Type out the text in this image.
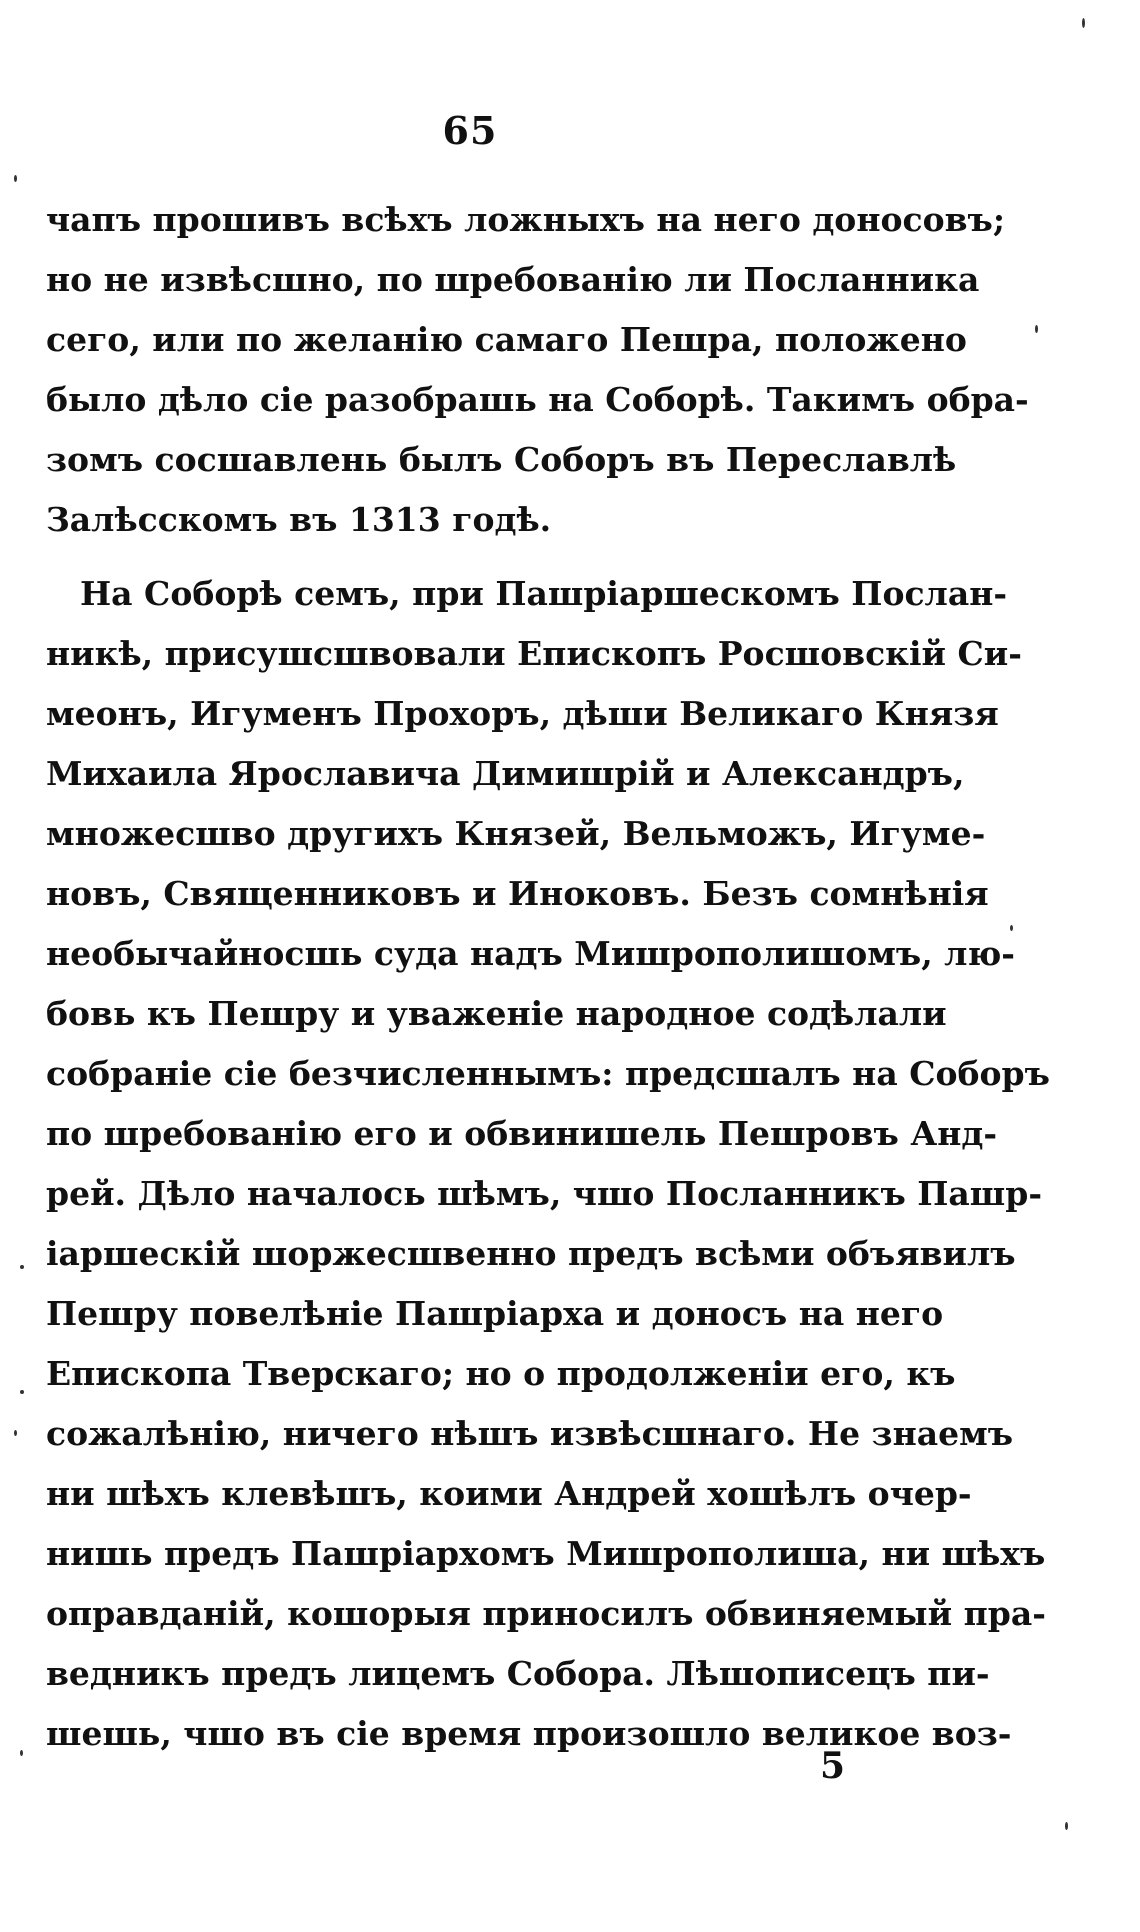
65
чапъ прошивъ всѣхъ ложныхъ на него доносовъ;
но не извѣсшно, по шребованію ли Посланника
сего, или по желанію самаго Пешра, положено
было дѣло сіе разобрашь на Соборѣ. Такимъ обра-
зомъ сосшавлень былъ Соборъ въ Переславлѣ
Залѣсскомъ въ 1313 годѣ.
На Соборѣ семъ, при Пашріаршескомъ Послан-
никѣ, присушсшвовали Епископъ Росшовскій Си-
меонъ, Игуменъ Прохоръ, дѣши Великаго Князя
Михаила Ярославича Димишрій и Александръ,
множесшво другихъ Князей, Вельможъ, Игуме-
новъ, Священниковъ и Иноковъ. Безъ сомнѣнія
необычайносшь суда надъ Мишрополишомъ, лю-
бовь къ Пешру и уваженіе народное содѣлали
собраніе сіе безчисленнымъ: предсшалъ на Соборъ
по шребованію его и обвинишель Пешровъ Анд-
рей. Дѣло началось шѣмъ, чшо Посланникъ Пашр-
іаршескій шоржесшвенно предъ всѣми объявилъ
Пешру повелѣніе Пашріарха и доносъ на него
Епископа Тверскаго; но о продолженіи его, къ
сожалѣнію, ничего нѣшъ извѣсшнаго. Не знаемъ
ни шѣхъ клевѣшъ, коими Андрей хошѣлъ очер-
нишь предъ Пашріархомъ Мишрополиша, ни шѣхъ
оправданій, кошорыя приносилъ обвиняемый пра-
ведникъ предъ лицемъ Собора. Лѣшописецъ пи-
шешь, чшо въ сіе время произошло великое воз-
5
